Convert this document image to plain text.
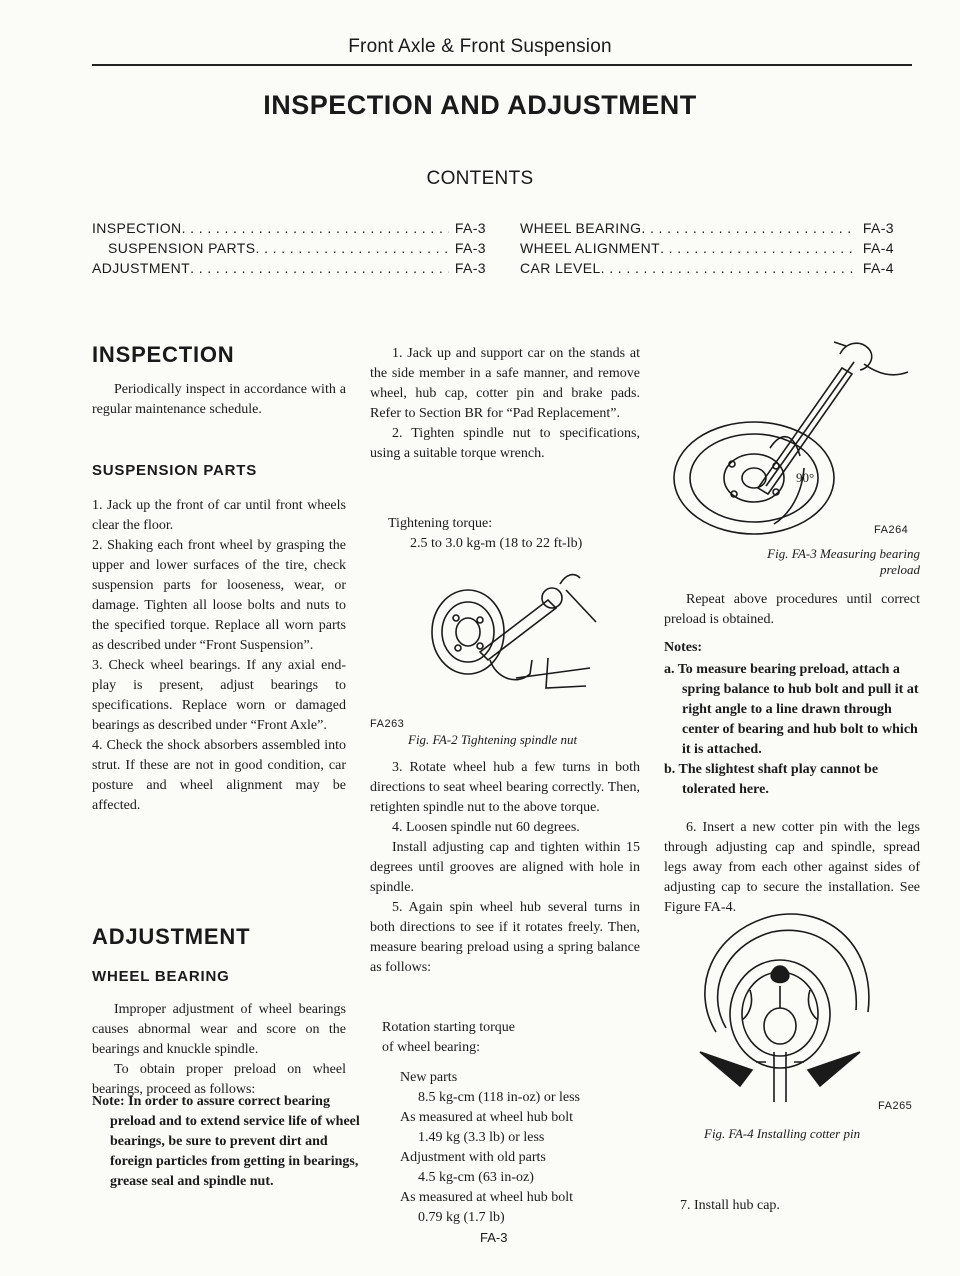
Front Axle & Front Suspension
INSPECTION AND ADJUSTMENT
CONTENTS
INSPECTION . . .	FA-3
SUSPENSION PARTS . . .	FA-3
ADJUSTMENT . . .	FA-3
WHEEL BEARING . . .	FA-3
WHEEL ALIGNMENT . . .	FA-4
CAR LEVEL . . .	FA-4
INSPECTION
Periodically inspect in accordance with a regular maintenance schedule.
SUSPENSION PARTS

1. Jack up the front of car until front wheels clear the floor.

2. Shaking each front wheel by grasping the upper and lower surfaces of the tire, check suspension parts for looseness, wear, or damage. Tighten all loose bolts and nuts to the specified torque. Replace all worn parts as described under “Front Suspension”.

3. Check wheel bearings. If any axial end-play is present, adjust bearings to specifications. Replace worn or damaged bearings as described under “Front Axle”.

4. Check the shock absorbers assembled into strut. If these are not in good condition, car posture and wheel alignment may be affected.

ADJUSTMENT
WHEEL BEARING

Improper adjustment of wheel bearings causes abnormal wear and score on the bearings and knuckle spindle.

To obtain proper preload on wheel bearings, proceed as follows:

Note: In order to assure correct bearing preload and to extend service life of wheel bearings, be sure to prevent dirt and foreign particles from getting in bearings, grease seal and spindle nut.

1. Jack up and support car on the stands at the side member in a safe manner, and remove wheel, hub cap, cotter pin and brake pads. Refer to Section BR for “Pad Replacement”.

2. Tighten spindle nut to specifications, using a suitable torque wrench.

Tightening torque:
2.5 to 3.0 kg-m (18 to 22 ft-lb)
FA263
Fig. FA-2 Tightening spindle nut

3. Rotate wheel hub a few turns in both directions to seat wheel bearing correctly. Then, retighten spindle nut to the above torque.

4. Loosen spindle nut 60 degrees.

Install adjusting cap and tighten within 15 degrees until grooves are aligned with hole in spindle.

5. Again spin wheel hub several turns in both directions to see if it rotates freely. Then, measure bearing preload using a spring balance as follows:

Rotation starting torque
of wheel bearing:
New parts
8.5 kg-cm (118 in-oz) or less
As measured at wheel hub bolt
1.49 kg (3.3 lb) or less
Adjustment with old parts
4.5 kg-cm (63 in-oz)
As measured at wheel hub bolt
0.79 kg (1.7 lb)
FA-3
90°
FA264
Fig. FA-3 Measuring bearing
preload
Repeat above procedures until correct preload is obtained.
Notes:

a. To measure bearing preload, attach a spring balance to hub bolt and pull it at right angle to a line drawn through center of bearing and hub bolt to which it is attached.

b. The slightest shaft play cannot be tolerated here.

6. Insert a new cotter pin with the legs through adjusting cap and spindle, spread legs away from each other against sides of adjusting cap to secure the installation. See Figure FA-4.
FA265
Fig. FA-4 Installing cotter pin
7. Install hub cap.
